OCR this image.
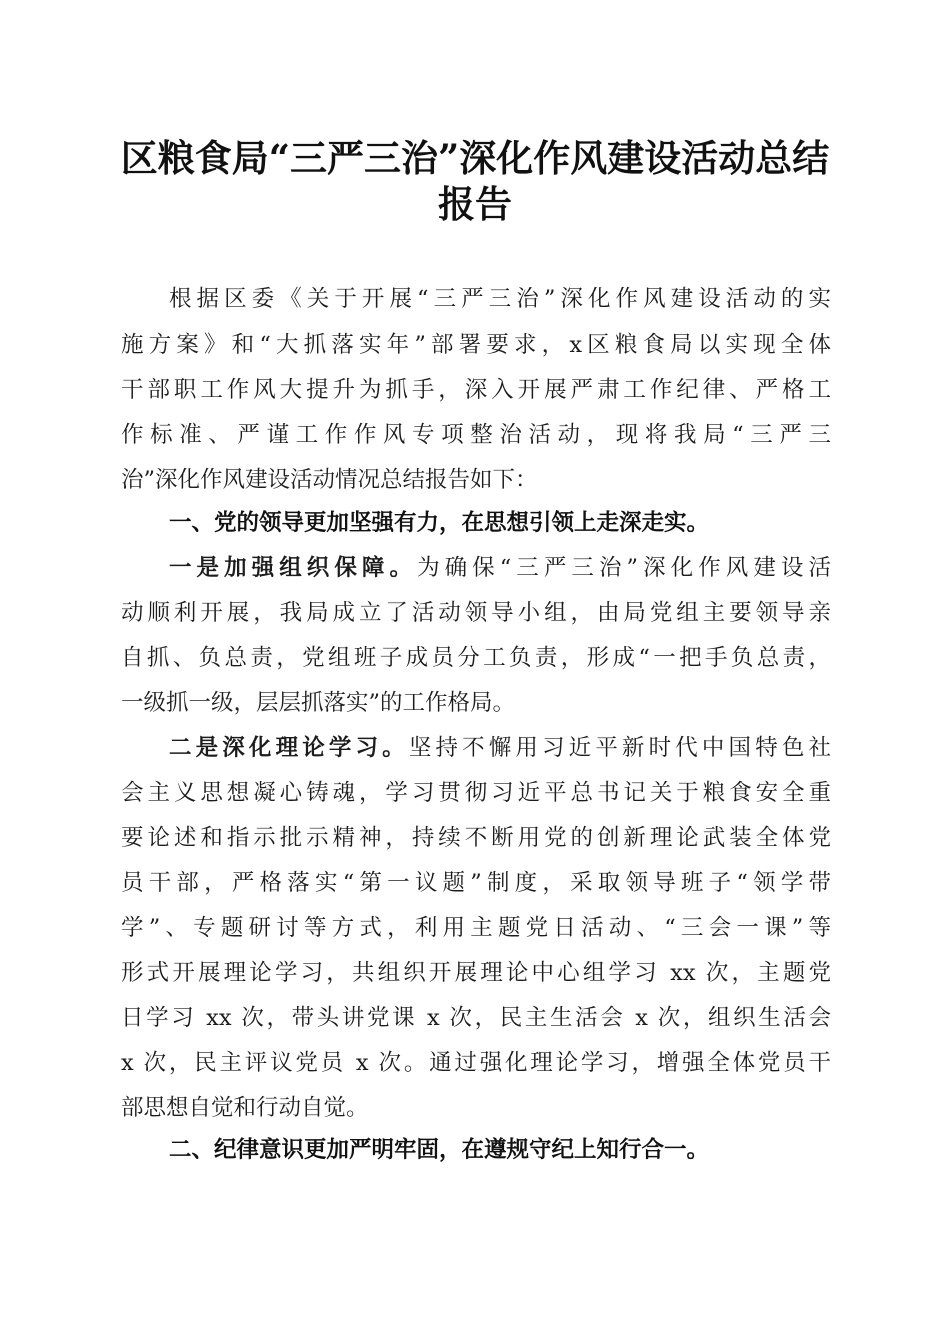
区粮食局“三严三治”深化作风建设活动总结
报告

根据区委《关于开展“三严三治”深化作风建设活动的实

施方案》和“大抓落实年”部署要求，x区粮食局以实现全体

干部职工作风大提升为抓手，深入开展严肃工作纪律、严格工

作标准、严谨工作作风专项整治活动，现将我局“三严三

治”深化作风建设活动情况总结报告如下：

一、党的领导更加坚强有力，在思想引领上走深走实。

一是加强组织保障。为确保“三严三治”深化作风建设活

动顺利开展，我局成立了活动领导小组，由局党组主要领导亲

自抓、负总责，党组班子成员分工负责，形成“一把手负总责，

一级抓一级，层层抓落实”的工作格局。

二是深化理论学习。坚持不懈用习近平新时代中国特色社

会主义思想凝心铸魂，学习贯彻习近平总书记关于粮食安全重

要论述和指示批示精神，持续不断用党的创新理论武装全体党

员干部，严格落实“第一议题”制度，采取领导班子“领学带

学”、专题研讨等方式，利用主题党日活动、“三会一课”等

形式开展理论学习，共组织开展理论中心组学习 xx 次，主题党

日学习 xx 次，带头讲党课 x 次，民主生活会 x 次，组织生活会

x 次，民主评议党员 x 次。通过强化理论学习，增强全体党员干

部思想自觉和行动自觉。

二、纪律意识更加严明牢固，在遵规守纪上知行合一。
